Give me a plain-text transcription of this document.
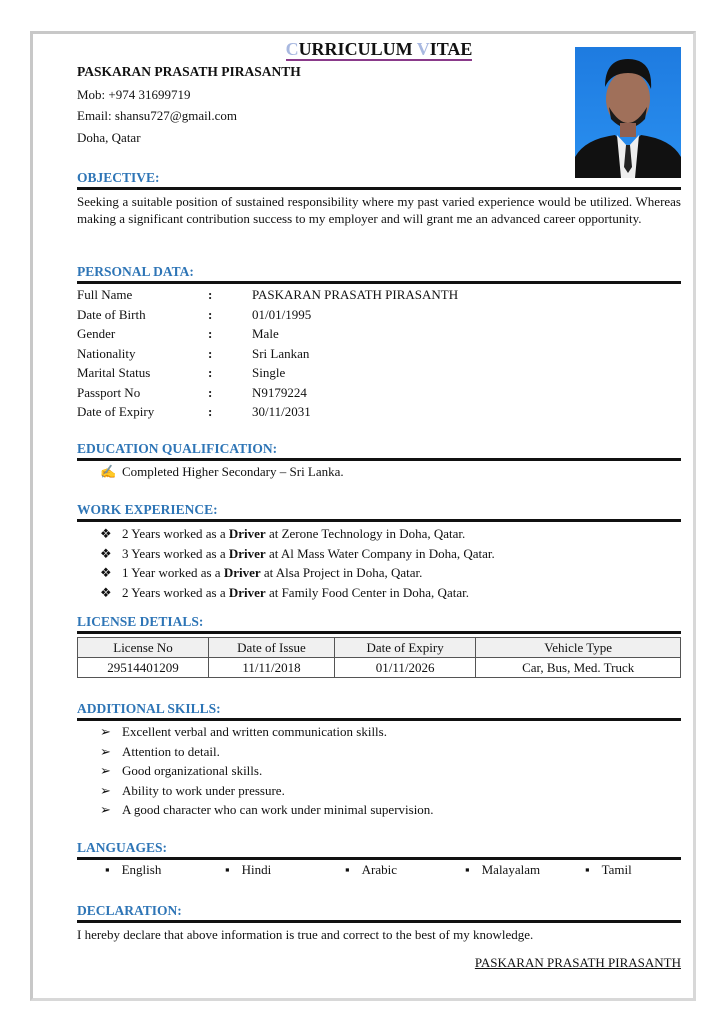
CURRICULUM VITAE
PASKARAN PRASATH PIRASANTH
Mob: +974 31699719
Email: shansu727@gmail.com
Doha, Qatar
OBJECTIVE:
Seeking a suitable position of sustained responsibility where my past varied experience would be utilized. Whereas making a significant contribution success to my employer and will grant me an advanced career opportunity.
PERSONAL DATA:
Full Name	:	PASKARAN PRASATH PIRASANTH
Date of Birth	:	01/01/1995
Gender	:	Male
Nationality	:	Sri Lankan
Marital Status	:	Single
Passport No	:	N9179224
Date of Expiry	:	30/11/2031
EDUCATION QUALIFICATION:
✍ Completed Higher Secondary – Sri Lanka.
WORK EXPERIENCE:
❖ 2 Years worked as a Driver at Zerone Technology in Doha, Qatar.
❖ 3 Years worked as a Driver at Al Mass Water Company in Doha, Qatar.
❖ 1 Year worked as a Driver at Alsa Project in Doha, Qatar.
❖ 2 Years worked as a Driver at Family Food Center in Doha, Qatar.
LICENSE DETIALS:
License No	Date of Issue	Date of Expiry	Vehicle Type
29514401209	11/11/2018	01/11/2026	Car, Bus, Med. Truck
ADDITIONAL SKILLS:
➢ Excellent verbal and written communication skills.
➢ Attention to detail.
➢ Good organizational skills.
➢ Ability to work under pressure.
➢ A good character who can work under minimal supervision.
LANGUAGES:
▪ English	▪ Hindi	▪ Arabic	▪ Malayalam	▪ Tamil
DECLARATION:
I hereby declare that above information is true and correct to the best of my knowledge.
PASKARAN PRASATH PIRASANTH
